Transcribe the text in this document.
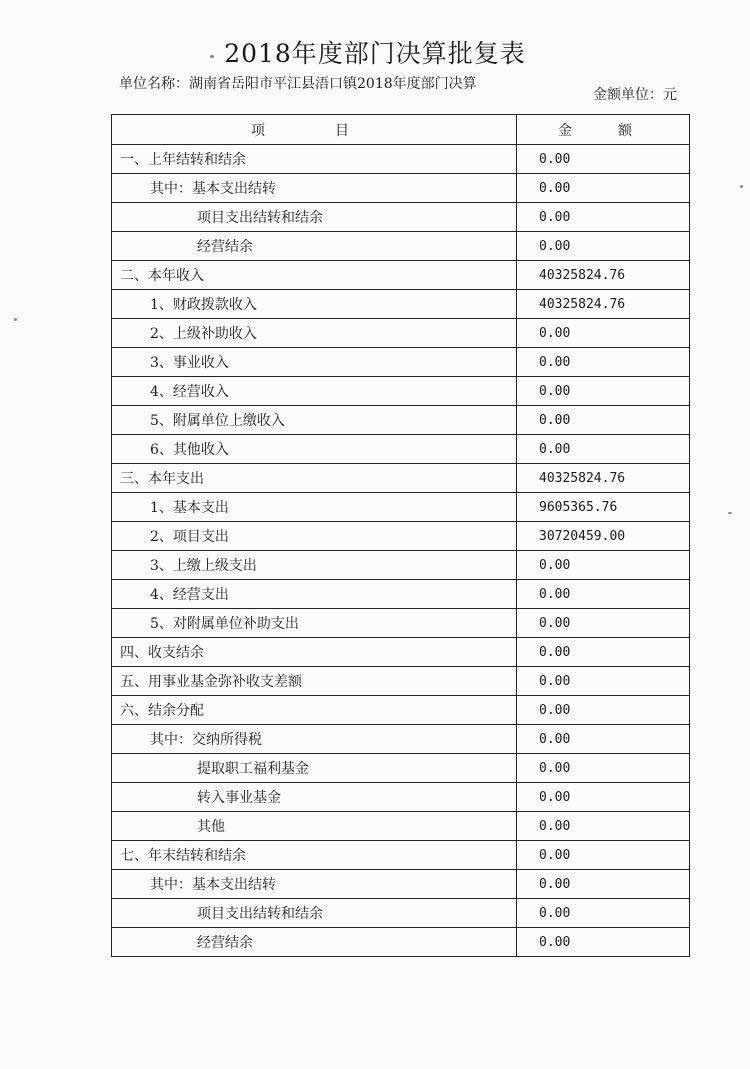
2018年度部门决算批复表
单位名称：湖南省岳阳市平江县浯口镇2018年度部门决算
金额单位：元
项　目	金　额
一、上年结转和结余	0.00
其中：基本支出结转	0.00
项目支出结转和结余	0.00
经营结余	0.00
二、本年收入	40325824.76
1、财政拨款收入	40325824.76
2、上级补助收入	0.00
3、事业收入	0.00
4、经营收入	0.00
5、附属单位上缴收入	0.00
6、其他收入	0.00
三、本年支出	40325824.76
1、基本支出	9605365.76
2、项目支出	30720459.00
3、上缴上级支出	0.00
4、经营支出	0.00
5、对附属单位补助支出	0.00
四、收支结余	0.00
五、用事业基金弥补收支差额	0.00
六、结余分配	0.00
其中：交纳所得税	0.00
提取职工福利基金	0.00
转入事业基金	0.00
其他	0.00
七、年末结转和结余	0.00
其中：基本支出结转	0.00
项目支出结转和结余	0.00
经营结余	0.00
